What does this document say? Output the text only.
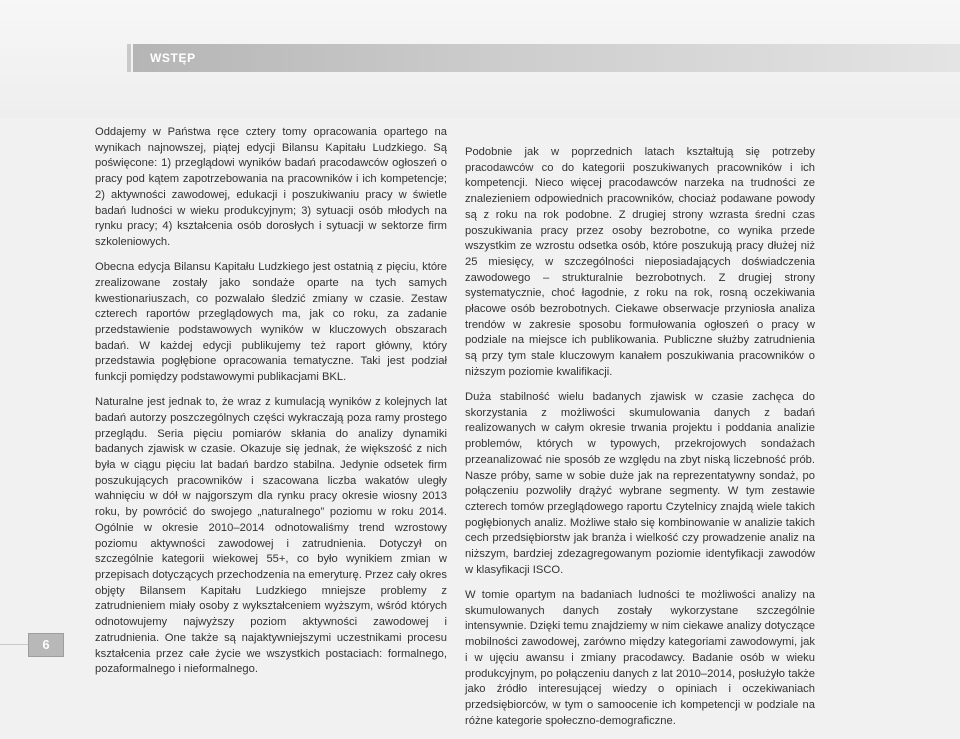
WSTĘP

Oddajemy w Państwa ręce cztery tomy opracowania opartego na wynikach najnowszej, piątej edycji Bilansu Kapitału Ludzkiego. Są poświęcone: 1) przeglądowi wyników badań pracodawców ogłoszeń o pracy pod kątem zapotrzebowania na pracowników i ich kompetencje; 2) aktywności zawodowej, edukacji i poszukiwaniu pracy w świetle badań ludności w wieku produkcyjnym; 3) sytuacji osób młodych na rynku pracy; 4) kształcenia osób dorosłych i sytuacji w sektorze firm szkoleniowych.

Obecna edycja Bilansu Kapitału Ludzkiego jest ostatnią z pięciu, które zrealizowane zostały jako sondaże oparte na tych samych kwestionariuszach, co pozwalało śledzić zmiany w czasie. Zestaw czterech raportów przeglądowych ma, jak co roku, za zadanie przedstawienie podstawowych wyników w kluczowych obszarach badań. W każdej edycji publikujemy też raport główny, który przedstawia pogłębione opracowania tematyczne. Taki jest podział funkcji pomiędzy podstawowymi publikacjami BKL.

Naturalne jest jednak to, że wraz z kumulacją wyników z kolejnych lat badań autorzy poszczególnych części wykraczają poza ramy prostego przeglądu. Seria pięciu pomiarów skłania do analizy dynamiki badanych zjawisk w czasie. Okazuje się jednak, że większość z nich była w ciągu pięciu lat badań bardzo stabilna. Jedynie odsetek firm poszukujących pracowników i szacowana liczba wakatów uległy wahnięciu w dół w najgorszym dla rynku pracy okresie wiosny 2013 roku, by powrócić do swojego „naturalnego” poziomu w roku 2014. Ogólnie w okresie 2010–2014 odnotowaliśmy trend wzrostowy poziomu aktywności zawodowej i zatrudnienia. Dotyczył on szczególnie kategorii wiekowej 55+, co było wynikiem zmian w przepisach dotyczących przechodzenia na emeryturę. Przez cały okres objęty Bilansem Kapitału Ludzkiego mniejsze problemy z zatrudnieniem miały osoby z wykształceniem wyższym, wśród których odnotowujemy najwyższy poziom aktywności zawodowej i zatrudnienia. One także są najaktywniejszymi uczestnikami procesu kształcenia przez całe życie we wszystkich postaciach: formalnego, pozaformalnego i nieformalnego.

Podobnie jak w poprzednich latach kształtują się potrzeby pracodawców co do kategorii poszukiwanych pracowników i ich kompetencji. Nieco więcej pracodawców narzeka na trudności ze znalezieniem odpowiednich pracowników, chociaż podawane powody są z roku na rok podobne. Z drugiej strony wzrasta średni czas poszukiwania pracy przez osoby bezrobotne, co wynika przede wszystkim ze wzrostu odsetka osób, które poszukują pracy dłużej niż 25 miesięcy, w szczególności nieposiadających doświadczenia zawodowego – strukturalnie bezrobotnych. Z drugiej strony systematycznie, choć łagodnie, z roku na rok, rosną oczekiwania płacowe osób bezrobotnych. Ciekawe obserwacje przyniosła analiza trendów w zakresie sposobu formułowania ogłoszeń o pracy w podziale na miejsce ich publikowania. Publiczne służby zatrudnienia są przy tym stale kluczowym kanałem poszukiwania pracowników o niższym poziomie kwalifikacji.

Duża stabilność wielu badanych zjawisk w czasie zachęca do skorzystania z możliwości skumulowania danych z badań realizowanych w całym okresie trwania projektu i poddania analizie problemów, których w typowych, przekrojowych sondażach przeanalizować nie sposób ze względu na zbyt niską liczebność prób. Nasze próby, same w sobie duże jak na reprezentatywny sondaż, po połączeniu pozwoliły drążyć wybrane segmenty. W tym zestawie czterech tomów przeglądowego raportu Czytelnicy znajdą wiele takich pogłębionych analiz. Możliwe stało się kombinowanie w analizie takich cech przedsiębiorstw jak branża i wielkość czy prowadzenie analiz na niższym, bardziej zdezagregowanym poziomie identyfikacji zawodów w klasyfikacji ISCO.

W tomie opartym na badaniach ludności te możliwości analizy na skumulowanych danych zostały wykorzystane szczególnie intensywnie. Dzięki temu znajdziemy w nim ciekawe analizy dotyczące mobilności zawodowej, zarówno między kategoriami zawodowymi, jak i w ujęciu awansu i zmiany pracodawcy. Badanie osób w wieku produkcyjnym, po połączeniu danych z lat 2010–2014, posłużyło także jako źródło interesującej wiedzy o opiniach i oczekiwaniach przedsiębiorców, w tym o samoocenie ich kompetencji w podziale na różne kategorie społeczno-demograficzne.

6
